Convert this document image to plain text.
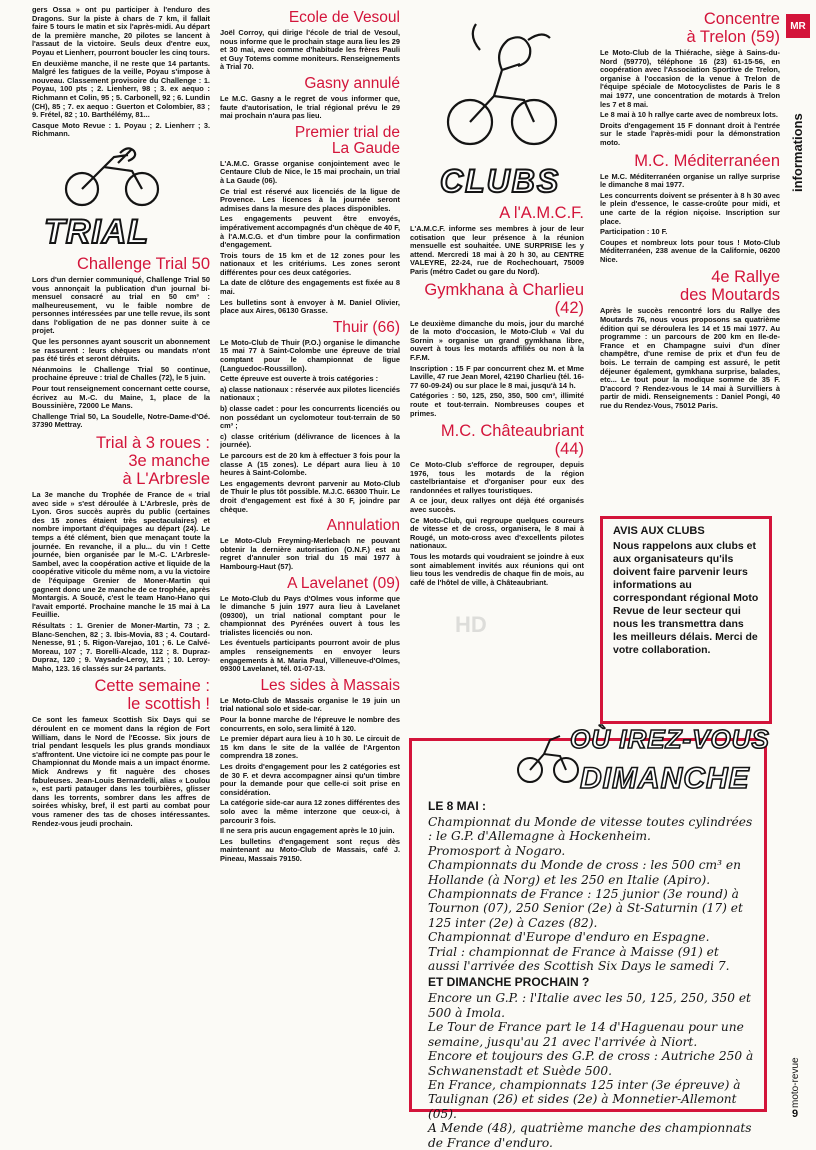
MR
informations

gers Ossa » ont pu participer à l'enduro des Dragons. Sur la piste à chars de 7 km, il fallait faire 5 tours le matin et six l'après-midi. Au départ de la première manche, 20 pilotes se lancent à l'assaut de la victoire. Seuls deux d'entre eux, Poyau et Lienherr, pourront boucler les cinq tours.

En deuxième manche, il ne reste que 14 partants. Malgré les fatigues de la veille, Poyau s'impose à nouveau. Classement provisoire du Challenge : 1. Poyau, 100 pts ; 2. Lienherr, 98 ; 3. ex aequo : Richmann et Colin, 95 ; 5. Carbonell, 92 ; 6. Lundin (CH), 85 ; 7. ex aequo : Guerton et Colombier, 83 ; 9. Frétel, 82 ; 10. Barthélémy, 81...

Casque Moto Revue : 1. Poyau ; 2. Lienherr ; 3. Richmann.

TRIAL
Challenge Trial 50

Lors d'un dernier communiqué, Challenge Trial 50 vous annonçait la publication d'un journal bi-mensuel consacré au trial en 50 cm³ : malheureusement, vu le faible nombre de personnes intéressées par une telle revue, ils sont dans l'obligation de ne pas donner suite à ce projet.

Que les personnes ayant souscrit un abonnement se rassurent : leurs chèques ou mandats n'ont pas été tirés et seront détruits.

Néanmoins le Challenge Trial 50 continue, prochaine épreuve : trial de Challes (72), le 5 juin.

Pour tout renseignement concernant cette course, écrivez au M.-C. du Maine, 1, place de la Boussinière, 72000 Le Mans.

Challenge Trial 50, La Soudelle, Notre-Dame-d'Oé. 37390 Mettray.

Trial à 3 roues :
3e manche
à L'Arbresle

La 3e manche du Trophée de France de « trial avec side » s'est déroulée à L'Arbresle, près de Lyon. Gros succès auprès du public (certaines des 15 zones étaient très spectaculaires) et nombre important d'équipages au départ (24). Le temps a été clément, bien que menaçant toute la journée. En revanche, il a plu... du vin ! Cette journée, bien organisée par le M.-C. L'Arbresle-Sambel, avec la coopération active et liquide de la coopérative viticole du même nom, a vu la victoire de l'équipage Grenier de Moner-Martin qui gagnent donc une 2e manche de ce trophée, après Montargis. A Soucé, c'est le team Hano-Hano qui l'avait emporté. Prochaine manche le 15 mai à La Feuillie.

Résultats : 1. Grenier de Moner-Martin, 73 ; 2. Blanc-Senchen, 82 ; 3. Ibis-Movia, 83 ; 4. Coutard-Nenesse, 91 ; 5. Rigon-Varejao, 101 ; 6. Le Calvé-Moreau, 107 ; 7. Borelli-Alcade, 112 ; 8. Dupraz-Dupraz, 120 ; 9. Vaysade-Leroy, 121 ; 10. Leroy-Maho, 123. 16 classés sur 24 partants.

Cette semaine :
le scottish !

Ce sont les fameux Scottish Six Days qui se déroulent en ce moment dans la région de Fort William, dans le Nord de l'Ecosse. Six jours de trial pendant lesquels les plus grands mondiaux s'affrontent. Une victoire ici ne compte pas pour le Championnat du Monde mais a un impact énorme. Mick Andrews y fit naguère des choses fabuleuses. Jean-Louis Bernardelli, alias « Loulou », est parti patauger dans les tourbières, glisser dans les torrents, sombrer dans les affres de soirées whisky, bref, il est parti au combat pour vous ramener des tas de choses intéressantes. Rendez-vous jeudi prochain.

Ecole de Vesoul

Joël Corroy, qui dirige l'école de trial de Vesoul, nous informe que le prochain stage aura lieu les 29 et 30 mai, avec comme d'habitude les frères Pauli et Guy Totems comme moniteurs. Renseignements à Trial 70.

Gasny annulé

Le M.C. Gasny a le regret de vous informer que, faute d'autorisation, le trial régional prévu le 29 mai prochain n'aura pas lieu.

Premier trial de
La Gaude

L'A.M.C. Grasse organise conjointement avec le Centaure Club de Nice, le 15 mai prochain, un trial à La Gaude (06).

Ce trial est réservé aux licenciés de la ligue de Provence. Les licences à la journée seront admises dans la mesure des places disponibles.

Les engagements peuvent être envoyés, impérativement accompagnés d'un chèque de 40 F, à l'A.M.C.G. et d'un timbre pour la confirmation d'engagement.

Trois tours de 15 km et de 12 zones pour les nationaux et les critériums. Les zones seront différentes pour ces deux catégories.

La date de clôture des engagements est fixée au 8 mai.

Les bulletins sont à envoyer à M. Daniel Olivier, place aux Aires, 06130 Grasse.

Thuir (66)

Le Moto-Club de Thuir (P.O.) organise le dimanche 15 mai 77 à Saint-Colombe une épreuve de trial comptant pour le championnat de ligue (Languedoc-Roussillon).

Cette épreuve est ouverte à trois catégories :

a) classe nationaux : réservée aux pilotes licenciés nationaux ;

b) classe cadet : pour les concurrents licenciés ou non possédant un cyclomoteur tout-terrain de 50 cm³ ;

c) classe critérium (délivrance de licences à la journée).

Le parcours est de 20 km à effectuer 3 fois pour la classe A (15 zones). Le départ aura lieu à 10 heures à Saint-Colombe.

Les engagements devront parvenir au Moto-Club de Thuir le plus tôt possible. M.J.C. 66300 Thuir. Le droit d'engagement est fixé à 30 F, joindre par chèque.

Annulation

Le Moto-Club Freyming-Merlebach ne pouvant obtenir la dernière autorisation (O.N.F.) est au regret d'annuler son trial du 15 mai 1977 à Hambourg-Haut (57).

A Lavelanet (09)

Le Moto-Club du Pays d'Olmes vous informe que le dimanche 5 juin 1977 aura lieu à Lavelanet (09300), un trial national comptant pour le championnat des Pyrénées ouvert à tous les trialistes licenciés ou non.

Les éventuels participants pourront avoir de plus amples renseignements en envoyer leurs engagements à M. Maria Paul, Villeneuve-d'Olmes, 09300 Lavelanet, tél. 01-07-13.

Les sides à Massais

Le Moto-Club de Massais organise le 19 juin un trial national solo et side-car.

Pour la bonne marche de l'épreuve le nombre des concurrents, en solo, sera limité à 120.

Le premier départ aura lieu à 10 h 30. Le circuit de 15 km dans le site de la vallée de l'Argenton comprendra 18 zones.

Les droits d'engagement pour les 2 catégories est de 30 F. et devra accompagner ainsi qu'un timbre pour la demande pour que celle-ci soit prise en considération.

La catégorie side-car aura 12 zones différentes des solo avec la même interzone que ceux-ci, à parcourir 3 fois.

Il ne sera pris aucun engagement après le 10 juin.

Les bulletins d'engagement sont reçus dès maintenant au Moto-Club de Massais, café J. Pineau, Massais 79150.

CLUBS
A l'A.M.C.F.

L'A.M.C.F. informe ses membres à jour de leur cotisation que leur présence à la réunion mensuelle est souhaitée. UNE SURPRISE les y attend. Mercredi 18 mai à 20 h 30, au CENTRE VALEYRE, 22-24, rue de Rochechouart, 75009 Paris (métro Cadet ou gare du Nord).

Gymkhana à Charlieu
(42)

Le deuxième dimanche du mois, jour du marché de la moto d'occasion, le Moto-Club « Val du Sornin » organise un grand gymkhana libre, ouvert à tous les motards affiliés ou non à la F.F.M.

Inscription : 15 F par concurrent chez M. et Mme Laville, 47 rue Jean Morel, 42190 Charlieu (tél. 16-77 60-09-24) ou sur place le 8 mai, jusqu'à 14 h.

Catégories : 50, 125, 250, 350, 500 cm³, illimité route et tout-terrain. Nombreuses coupes et primes.

M.C. Châteaubriant
(44)

Ce Moto-Club s'efforce de regrouper, depuis 1976, tous les motards de la région castelbriantaise et d'organiser pour eux des randonnées et rallyes touristiques.

A ce jour, deux rallyes ont déjà été organisés avec succès.

Ce Moto-Club, qui regroupe quelques coureurs de vitesse et de cross, organisera, le 8 mai à Rougé, un moto-cross avec d'excellents pilotes nationaux.

Tous les motards qui voudraient se joindre à eux sont aimablement invités aux réunions qui ont lieu tous les vendredis de chaque fin de mois, au café de l'hôtel de ville, à Châteaubriant.

Concentre
à Trelon (59)

Le Moto-Club de la Thiérache, siège à Sains-du-Nord (59770), téléphone 16 (23) 61-15-56, en coopération avec l'Association Sportive de Trelon, organise à l'occasion de la venue à Trelon de l'équipe spéciale de Motocyclistes de Paris le 8 mai 1977, une concentration de motards à Trelon les 7 et 8 mai.

Le 8 mai à 10 h rallye carte avec de nombreux lots.

Droits d'engagement 15 F donnant droit à l'entrée sur le stade l'après-midi pour la démonstration moto.

M.C. Méditerranéen

Le M.C. Méditerranéen organise un rallye surprise le dimanche 8 mai 1977.

Les concurrents doivent se présenter à 8 h 30 avec le plein d'essence, le casse-croûte pour midi, et une carte de la région niçoise. Inscription sur place.

Participation : 10 F.

Coupes et nombreux lots pour tous ! Moto-Club Méditerranéen, 238 avenue de la Californie, 06200 Nice.

4e Rallye
des Moutards

Après le succès rencontré lors du Rallye des Moutards 76, nous vous proposons sa quatrième édition qui se déroulera les 14 et 15 mai 1977. Au programme : un parcours de 200 km en Ile-de-France et en Champagne suivi d'un dîner champêtre, d'une remise de prix et d'un feu de bois. Le terrain de camping est assuré, le petit déjeuner également, gymkhana surprise, balades, etc... Le tout pour la modique somme de 35 F. D'accord ? Rendez-vous le 14 mai à Survilliers à partir de midi. Renseignements : Daniel Pongi, 40 rue du Rendez-Vous, 75012 Paris.

AVIS AUX CLUBS
Nous rappelons aux clubs et aux organisateurs qu'ils doivent faire parvenir leurs informations au correspondant régional Moto Revue de leur secteur qui nous les transmettra dans les meilleurs délais. Merci de votre collaboration.
HD
LE 8 MAI :

Championnat du Monde de vitesse toutes cylindrées : le G.P. d'Allemagne à Hockenheim.

Promosport à Nogaro.

Championnats du Monde de cross : les 500 cm³ en Hollande (à Norg) et les 250 en Italie (Apiro).

Championnats de France : 125 junior (3e round) à Tournon (07), 250 Senior (2e) à St-Saturnin (17) et 125 inter (2e) à Cazes (82).

Championnat d'Europe d'enduro en Espagne.

Trial : championnat de France à Maisse (91) et aussi l'arrivée des Scottish Six Days le samedi 7.

ET DIMANCHE PROCHAIN ?

Encore un G.P. : l'Italie avec les 50, 125, 250, 350 et 500 à Imola.

Le Tour de France part le 14 d'Haguenau pour une semaine, jusqu'au 21 avec l'arrivée à Niort.

Encore et toujours des G.P. de cross : Autriche 250 à Schwanenstadt et Suède 500.

En France, championnats 125 inter (3e épreuve) à Taulignan (26) et sides (2e) à Monnetier-Allemont (05).

A Mende (48), quatrième manche des championnats de France d'enduro.

OÙ IREZ-VOUS
DIMANCHE
moto-revue
9
